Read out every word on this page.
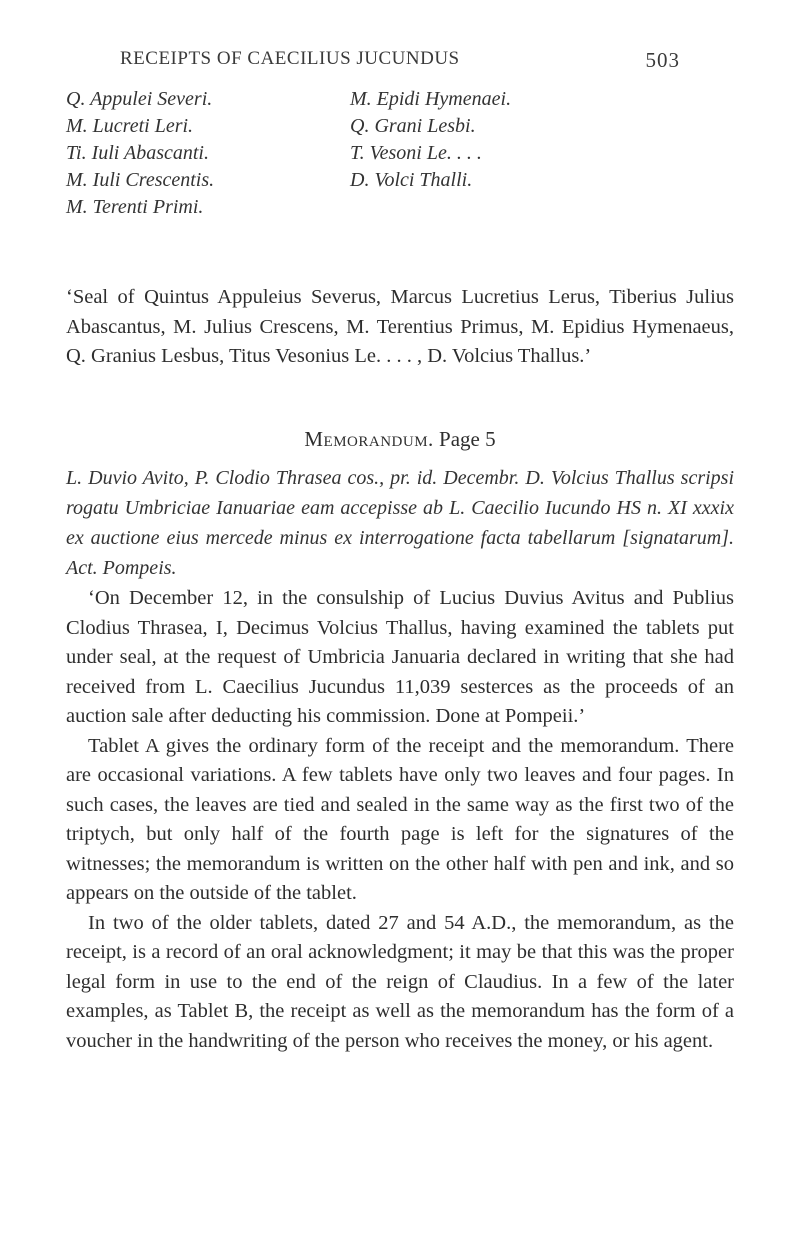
RECEIPTS OF CAECILIUS JUCUNDUS	503
Q. Appulei Severi.
M. Lucreti Leri.
Ti. Iuli Abascanti.
M. Iuli Crescentis.
M. Terenti Primi.
M. Epidi Hymenaei.
Q. Grani Lesbi.
T. Vesoni Le. . . .
D. Volci Thalli.

‘Seal of Quintus Appuleius Severus, Marcus Lucretius Lerus, Tiberius Julius Abascantus, M. Julius Crescens, M. Terentius Primus, M. Epidius Hymenaeus, Q. Granius Lesbus, Titus Vesonius Le. . . . , D. Volcius Thallus.’

Memorandum. Page 5
L. Duvio Avito, P. Clodio Thrasea cos., pr. id. Decembr. D. Volcius Thallus scripsi rogatu Umbriciae Ianuariae eam accepisse ab L. Caecilio Iucundo HS n. XI xxxix ex auctione eius mercede minus ex interrogatione facta tabellarum [signatarum]. Act. Pompeis.

‘On December 12, in the consulship of Lucius Duvius Avitus and Publius Clodius Thrasea, I, Decimus Volcius Thallus, having examined the tablets put under seal, at the request of Umbricia Januaria declared in writing that she had received from L. Caecilius Jucundus 11,039 sesterces as the proceeds of an auction sale after deducting his commission. Done at Pompeii.’

Tablet A gives the ordinary form of the receipt and the memorandum. There are occasional variations. A few tablets have only two leaves and four pages. In such cases, the leaves are tied and sealed in the same way as the first two of the triptych, but only half of the fourth page is left for the signatures of the witnesses; the memorandum is written on the other half with pen and ink, and so appears on the outside of the tablet.

In two of the older tablets, dated 27 and 54 A.D., the memorandum, as the receipt, is a record of an oral acknowledgment; it may be that this was the proper legal form in use to the end of the reign of Claudius. In a few of the later examples, as Tablet B, the receipt as well as the memorandum has the form of a voucher in the handwriting of the person who receives the money, or his agent.
